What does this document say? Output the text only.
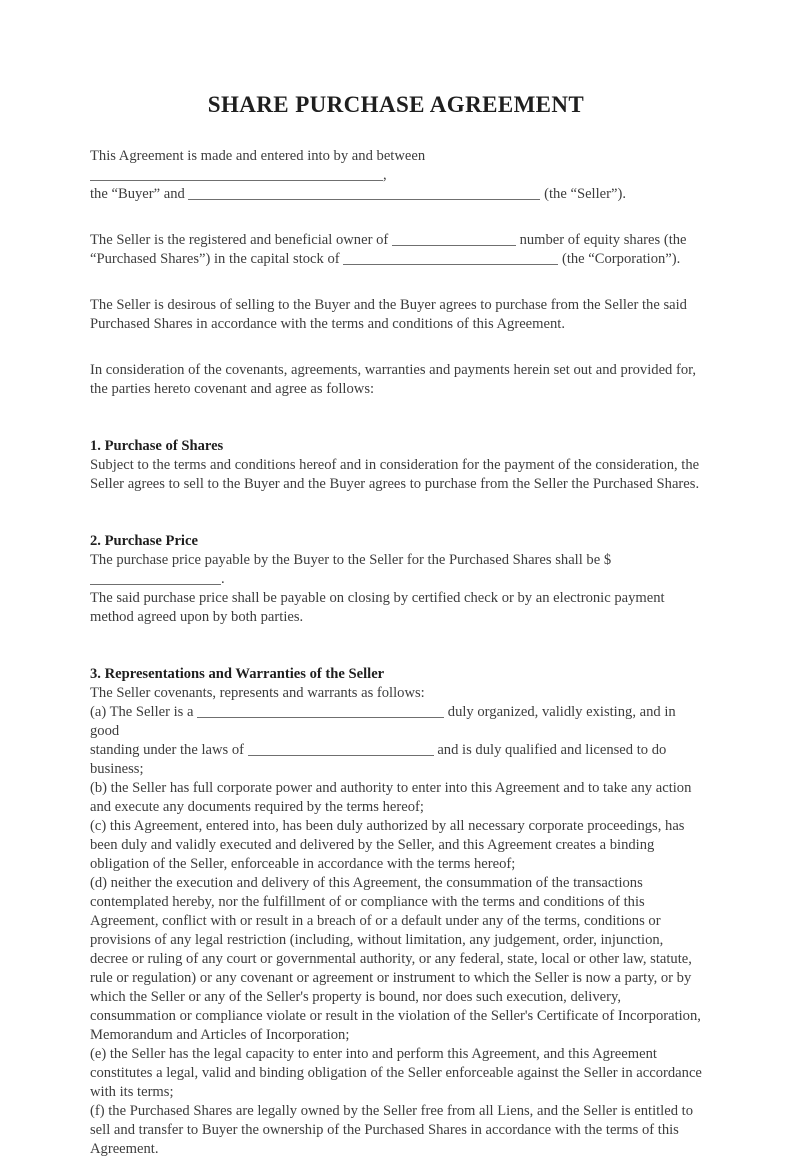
SHARE PURCHASE AGREEMENT

This Agreement is made and entered into by and between ,
the “Buyer” and	(the “Seller”).

The Seller is the registered and beneficial owner of	number of equity shares (the
“Purchased Shares”) in the capital stock of	(the “Corporation”).

The Seller is desirous of selling to the Buyer and the Buyer agrees to purchase from the Seller the said Purchased Shares in accordance with the terms and conditions of this Agreement.

In consideration of the covenants, agreements, warranties and payments herein set out and provided for, the parties hereto covenant and agree as follows:

1. Purchase of Shares

Subject to the terms and conditions hereof and in consideration for the payment of the consideration, the Seller agrees to sell to the Buyer and the Buyer agrees to purchase from the Seller the Purchased Shares.

2. Purchase Price

The purchase price payable by the Buyer to the Seller for the Purchased Shares shall be $ .

The said purchase price shall be payable on closing by certified check or by an electronic payment method agreed upon by both parties.

3. Representations and Warranties of the Seller

The Seller covenants, represents and warrants as follows:

(a) The Seller is a	duly organized, validly existing, and in good
standing under the laws of	and is duly qualified and licensed to do business;

(b) the Seller has full corporate power and authority to enter into this Agreement and to take any action and execute any documents required by the terms hereof;

(c) this Agreement, entered into, has been duly authorized by all necessary corporate proceedings, has been duly and validly executed and delivered by the Seller, and this Agreement creates a binding obligation of the Seller, enforceable in accordance with the terms hereof;

(d) neither the execution and delivery of this Agreement, the consummation of the transactions contemplated hereby, nor the fulfillment of or compliance with the terms and conditions of this Agreement, conflict with or result in a breach of or a default under any of the terms, conditions or provisions of any legal restriction (including, without limitation, any judgement, order, injunction, decree or ruling of any court or governmental authority, or any federal, state, local or other law, statute, rule or regulation) or any covenant or agreement or instrument to which the Seller is now a party, or by which the Seller or any of the Seller's property is bound, nor does such execution, delivery, consummation or compliance violate or result in the violation of the Seller's Certificate of Incorporation, Memorandum and Articles of Incorporation;

(e) the Seller has the legal capacity to enter into and perform this Agreement, and this Agreement constitutes a legal, valid and binding obligation of the Seller enforceable against the Seller in accordance with its terms;

(f) the Purchased Shares are legally owned by the Seller free from all Liens, and the Seller is entitled to sell and transfer to Buyer the ownership of the Purchased Shares in accordance with the terms of this Agreement.
